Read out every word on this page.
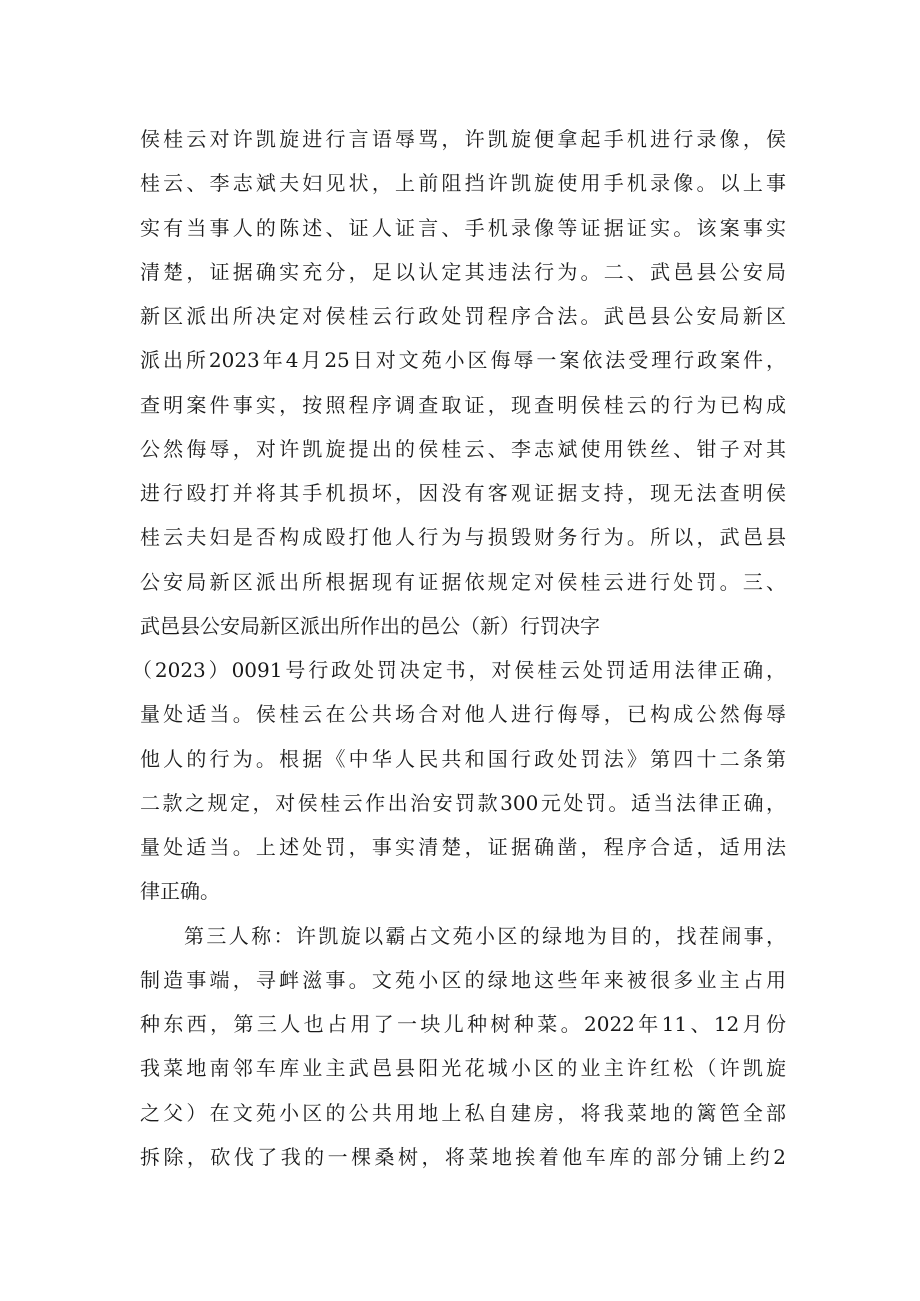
侯桂云对许凯旋进行言语辱骂，许凯旋便拿起手机进行录像，侯
桂云、李志斌夫妇见状，上前阻挡许凯旋使用手机录像。以上事
实有当事人的陈述、证人证言、手机录像等证据证实。该案事实
清楚，证据确实充分，足以认定其违法行为。二、武邑县公安局
新区派出所决定对侯桂云行政处罚程序合法。武邑县公安局新区
派出所2023年4月25日对文苑小区侮辱一案依法受理行政案件，
查明案件事实，按照程序调查取证，现查明侯桂云的行为已构成
公然侮辱，对许凯旋提出的侯桂云、李志斌使用铁丝、钳子对其
进行殴打并将其手机损坏，因没有客观证据支持，现无法查明侯
桂云夫妇是否构成殴打他人行为与损毁财务行为。所以，武邑县
公安局新区派出所根据现有证据依规定对侯桂云进行处罚。三、
武邑县公安局新区派出所作出的邑公（新）行罚决字
（2023）0091号行政处罚决定书，对侯桂云处罚适用法律正确，
量处适当。侯桂云在公共场合对他人进行侮辱，已构成公然侮辱
他人的行为。根据《中华人民共和国行政处罚法》第四十二条第
二款之规定，对侯桂云作出治安罚款300元处罚。适当法律正确，
量处适当。上述处罚，事实清楚，证据确凿，程序合适，适用法
律正确。
第三人称：许凯旋以霸占文苑小区的绿地为目的，找茬闹事，
制造事端，寻衅滋事。文苑小区的绿地这些年来被很多业主占用
种东西，第三人也占用了一块儿种树种菜。2022年11、12月份
我菜地南邻车库业主武邑县阳光花城小区的业主许红松（许凯旋
之父）在文苑小区的公共用地上私自建房，将我菜地的篱笆全部
拆除，砍伐了我的一棵桑树，将菜地挨着他车库的部分铺上约2
